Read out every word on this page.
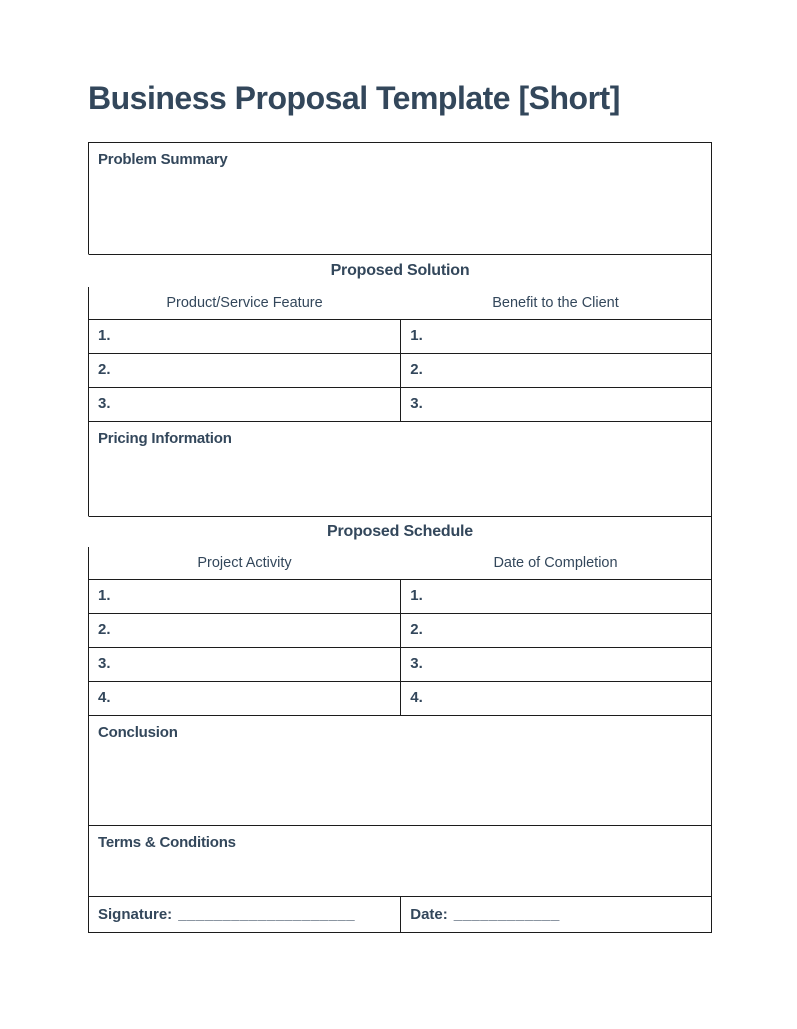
Business Proposal Template [Short]
Problem Summary
Proposed Solution
Product/Service Feature	Benefit to the Client
1.	1.
2.	2.
3.	3.
Pricing Information
Proposed Schedule
Project Activity	Date of Completion
1.	1.
2.	2.
3.	3.
4.	4.
Conclusion
Terms & Conditions
Signature: ____________________	Date: ____________
